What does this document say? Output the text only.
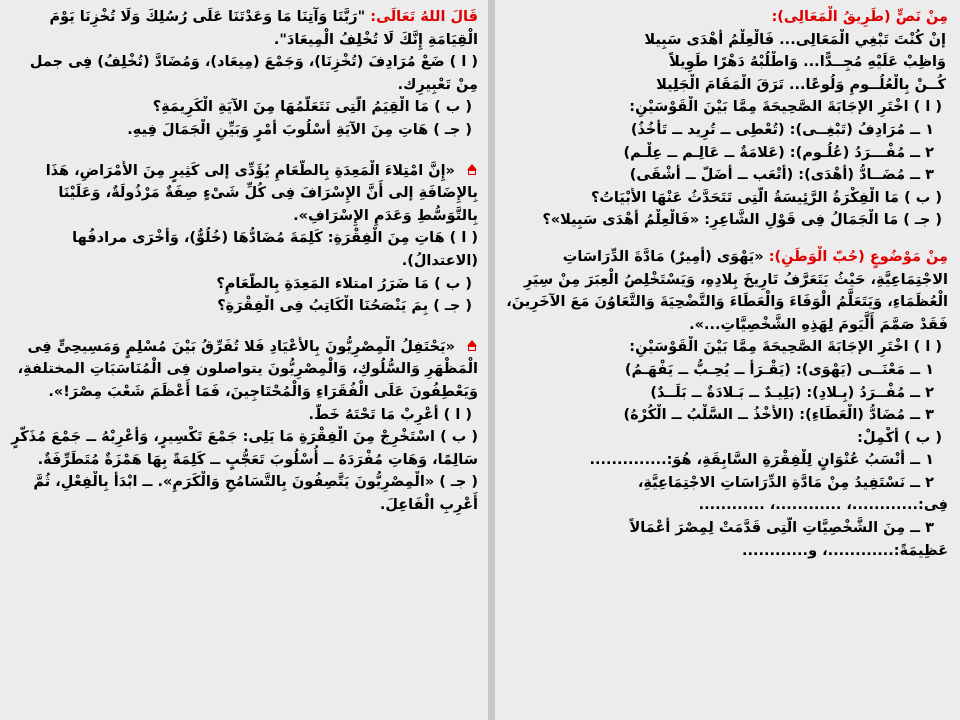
مِنْ نَصٍّ (طَرِيقُ الْمَعَالِى):
إنْ كُنْتَ تَبْغِي الْمَعَالِى... فَالْعِلْمُ أَهْدَى سَبِيلا
وَاظِبْ عَلَيْهِ مُجِــدًّا... وَاطْلُبْهُ دَهْرًا طَوِيلاً
كُــنْ بِالْعُلُــومِ وَلُوعًا... تَرَقَ الْمَقَامَ الْجَلِيلا
( ا ) اخْتَرِ الإجَابَةَ الصَّحِيحَةَ مِمَّا بَيْنَ الْقَوْسَيْنِ:
١ ــ مُرَادِفُ (تَبْغِــى): (تُعْطِى ــ تُرِيد ــ تَأْخُذُ)
٢ ــ مُفْـــرَدُ (عُلُـوم): (عَلامَةٌ ــ عَالِـم ــ عِلْـم)
٣ ــ مُضَــادُّ (أَهْدَى): (أَتْعَب ــ أَضَلّ ــ أَشْقَى)
( ب ) مَا الْفِكْرَةُ الرَّئِيسَةُ الَّتِى تَتَحَدَّثُ عَنْهَا الأَبْيَاتُ؟
( جـ ) مَا الْجَمَالُ فِى قَوْلِ الشَّاعِرِ: «فَالْعِلْمُ أَهْدَى سَبِيلا»؟
مِنْ مَوْضُوعٍ (حُبّ الْوَطَنِ): «يَهْوَى (أَمِيرٌ) مَادَّةَ الدِّرَاسَاتِ الاجْتِمَاعِيَّةِ، حَيْثُ يَتَعَرَّفُ تَارِيخَ بِلادِهِ، وَيَسْتَخْلِصُ الْعِبَرَ مِنْ سِيَرِ الْعُظَمَاءِ، وَيَتَعَلَّمُ الْوَفَاءَ وَالْعَطَاءَ وَالتَّضْحِيَةَ وَالتَّعَاوُنَ مَعَ الآخَرِينَ، فَقَدْ صَمَّمَ أَلَّيَومَ لِهَذِهِ الشَّخْصِيَّاتِ...».
( ا ) اخْتَرِ الإجَابَةَ الصَّحِيحَةَ مِمَّا بَيْنَ الْقَوْسَيْنِ:
١ ــ مَعْنَــى (يَهْوَى): (يَقْـرَأُ ــ يُحِـبُّ ــ يَفْهَـمُ)
٢ ــ مُفْــرَدُ (بِـلادِ): (بَلِيـدٌ ــ بَـلادَةٌ ــ بَلَــدٌ)
٣ ــ مُضَادُّ (الْعَطَاءِ): (الأَخْذُ ــ السَّلْبُ ــ الْكُرْهُ)
( ب ) أَكْمِلْ:
١ ــ أَنْسَبُ عُنْوَانٍ لِلْفِقْرَةِ السَّابِقَةِ، هُوَ:..............
٢ ــ نَسْتَفِيدُ مِنْ مَادَّةِ الدِّرَاسَاتِ الاجْتِمَاعِيَّةِ،
فِى:............، ............، ............
٣ ــ مِنَ الشَّخْصِيَّاتِ الَّتِى قَدَّمَتْ لِمِصْرَ أَعْمَالاً
عَظِيمَةً:............، و............
قَالَ اللهُ تَعَالَى: "رَبَّنَا وَآتِنَا مَا وَعَدْتَنَا عَلَى رُسُلِكَ وَلَا تُخْزِنَا يَوْمَ الْقِيَامَةِ إِنَّكَ لَا تُخْلِفُ الْمِيعَادَ".
( ا ) ضَعْ مُرَادِفَ (تُخْزِنَا)، وَجَمْعَ (مِيعَاد)، وَمُضَادَّ (تُخْلِفُ) فِى جمل مِنْ تَعْبِيرِك.
( ب ) مَا الْقِيَمُ الَّتِى نَتَعَلَّمُهَا مِنَ الآيَةِ الْكَرِيمَةِ؟
( جـ ) هَاتِ مِنَ الآيَةِ أُسْلُوبَ أَمْرٍ وَبَيِّنِ الْجَمَالَ فِيهِ.
«إِنَّ امْتِلاءَ الْمَعِدَةِ بِالطَّعَامِ يُؤَدِّى إلى كَثِيرٍ مِنَ الأَمْرَاضِ، هَذَا بِالإِضَافَةِ إلى أَنَّ الإِسْرَافَ فِى كُلِّ شَىْءٍ صِفَةٌ مَرْذُولَةٌ، وَعَلَيْنَا بِالتَّوَسُّطِ وَعَدَمِ الإِسْرَافِ».
( ا ) هَاتِ مِنَ الْفِقْرَةِ: كَلِمَةَ مُضَادُّهَا (خُلُوٌّ)، وَأُخْرَى مرادفُها (الاعتدالُ).
( ب ) مَا ضَرَرُ امتلاء المَعِدَةِ بِالطَّعَامِ؟
( جـ ) بِمَ يَنْصَحُنَا الْكَاتِبُ فِى الْفِقْرَةِ؟
«يَحْتَفِلُ الْمِصْرِيُّونَ بِالأَعْيَادِ فَلا تُفَرِّقُ بَيْنَ مُسْلِمٍ وَمَسِيحِىٍّ فِى الْمَظْهَرِ وَالسُّلُوكِ، وَالْمِصْرِيُّونَ يتواصلون فِى الْمُنَاسَبَاتِ المختلفةِ، وَيَعْطِفُونَ عَلَى الْفُقَرَاءِ وَالْمُحْتَاجِينَ، فَمَا أَعْظَمَ شَعْبَ مِصْرَ!».
( ا ) أَعْرِبْ مَا تَحْتَهُ خَطٌّ.
( ب ) اسْتَخْرِجْ مِنَ الْفِقْرَةِ مَا يَلِى: جَمْعَ تَكْسِيرٍ، وَأَعْرِبْهُ ــ جَمْعَ مُذَكَّرٍ سَالِمًا، وَهَاتِ مُفْرَدَهُ ــ أُسْلُوبَ تَعَجُّبٍ ــ كَلِمَةً بِهَا هَمْزَةٌ مُتَطَرِّفَةٌ.
( جـ ) «الْمِصْرِيُّونَ يَتَّصِفُونَ بِالتَّسَامُحِ وَالْكَرَمِ». ــ ابْدَأْ بِالْفِعْلِ، ثُمَّ أَعْرِبِ الْفَاعِلَ.
